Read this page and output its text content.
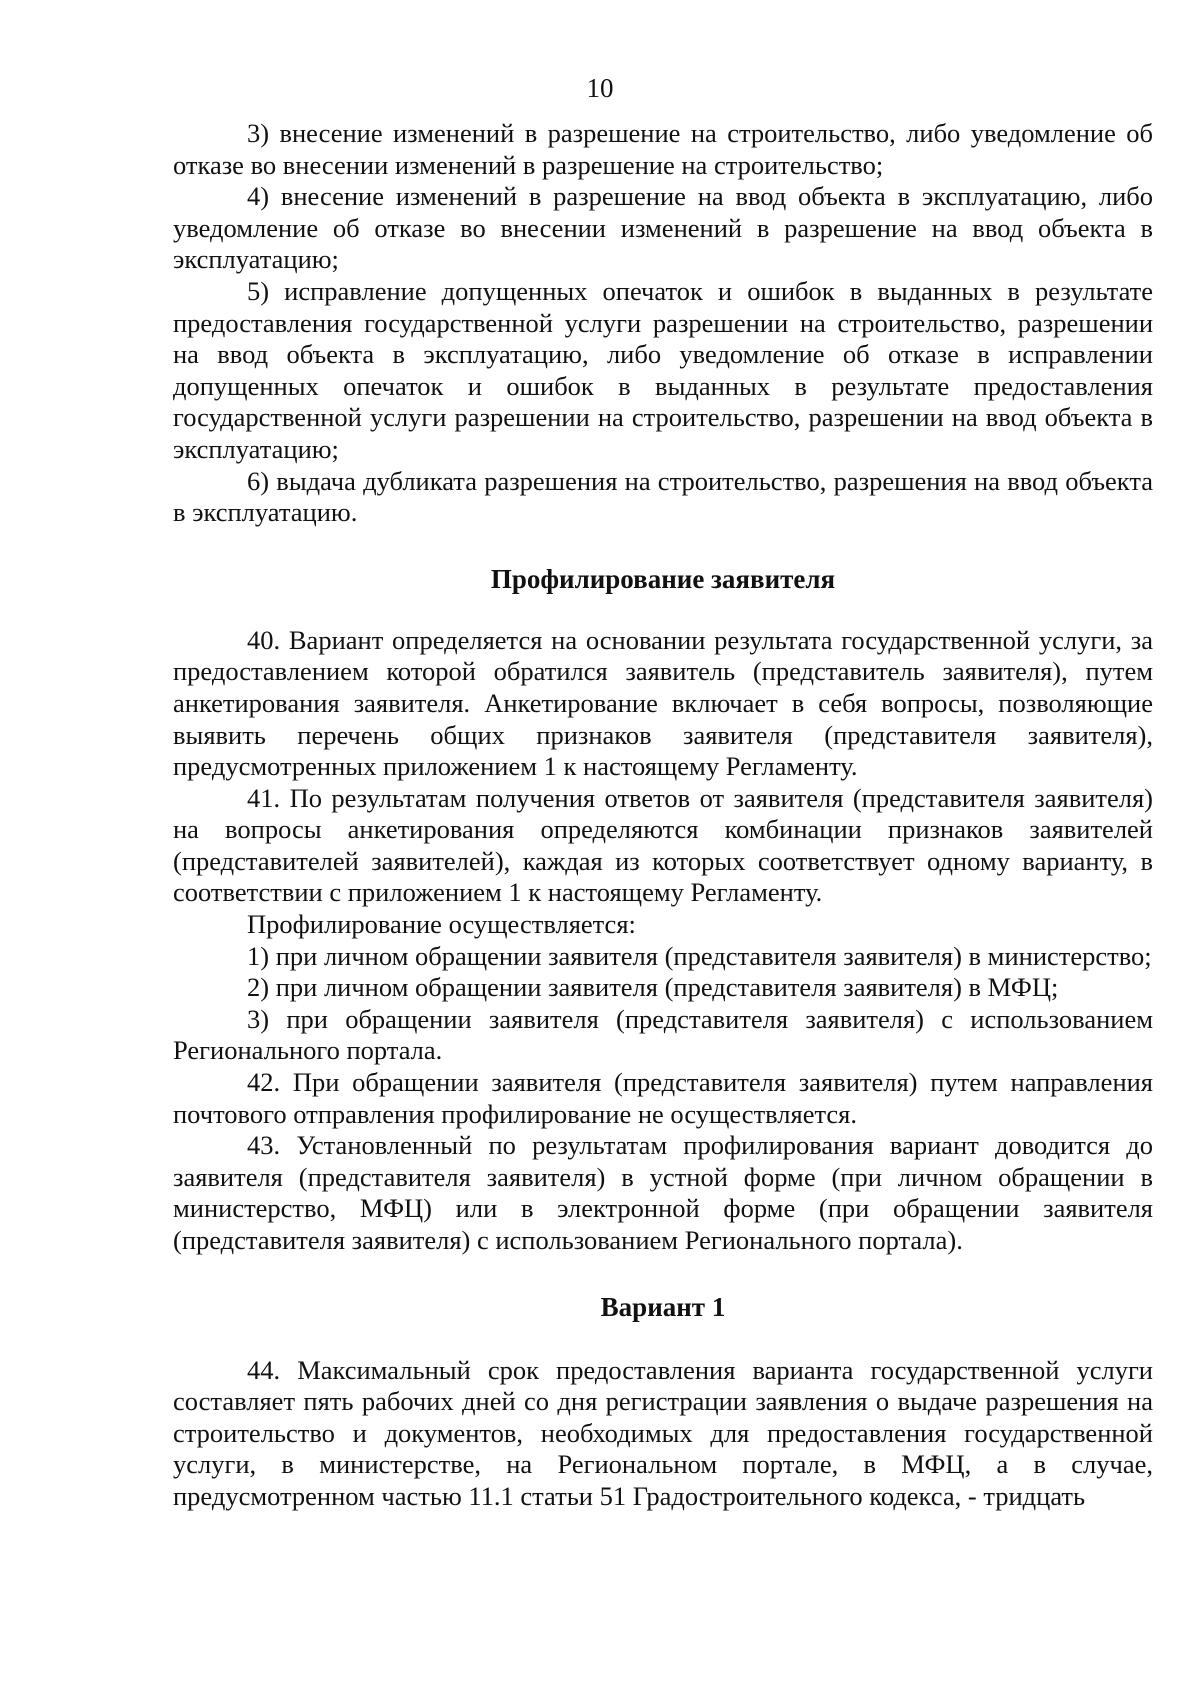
10

3) внесение изменений в разрешение на строительство, либо уведомление об отказе во внесении изменений в разрешение на строительство;

4) внесение изменений в разрешение на ввод объекта в эксплуатацию, либо уведомление об отказе во внесении изменений в разрешение на ввод объекта в эксплуатацию;

5) исправление допущенных опечаток и ошибок в выданных в результате предоставления государственной услуги разрешении на строительство, разрешении на ввод объекта в эксплуатацию, либо уведомление об отказе в исправлении допущенных опечаток и ошибок в выданных в результате предоставления государственной услуги разрешении на строительство, разрешении на ввод объекта в эксплуатацию;

6) выдача дубликата разрешения на строительство, разрешения на ввод объекта в эксплуатацию.

Профилирование заявителя

40. Вариант определяется на основании результата государственной услуги, за предоставлением которой обратился заявитель (представитель заявителя), путем анкетирования заявителя. Анкетирование включает в себя вопросы, позволяющие выявить перечень общих признаков заявителя (представителя заявителя), предусмотренных приложением 1 к настоящему Регламенту.

41. По результатам получения ответов от заявителя (представителя заявителя) на вопросы анкетирования определяются комбинации признаков заявителей (представителей заявителей), каждая из которых соответствует одному варианту, в соответствии с приложением 1 к настоящему Регламенту.

Профилирование осуществляется:

1) при личном обращении заявителя (представителя заявителя) в министерство;

2) при личном обращении заявителя (представителя заявителя) в МФЦ;

3) при обращении заявителя (представителя заявителя) с использованием Регионального портала.

42. При обращении заявителя (представителя заявителя) путем направления почтового отправления профилирование не осуществляется.

43. Установленный по результатам профилирования вариант доводится до заявителя (представителя заявителя) в устной форме (при личном обращении в министерство, МФЦ) или в электронной форме (при обращении заявителя (представителя заявителя) с использованием Регионального портала).

Вариант 1

44. Максимальный срок предоставления варианта государственной услуги составляет пять рабочих дней со дня регистрации заявления о выдаче разрешения на строительство и документов, необходимых для предоставления государственной услуги, в министерстве, на Региональном портале, в МФЦ, а в случае, предусмотренном частью 11.1 статьи 51 Градостроительного кодекса, - тридцать
